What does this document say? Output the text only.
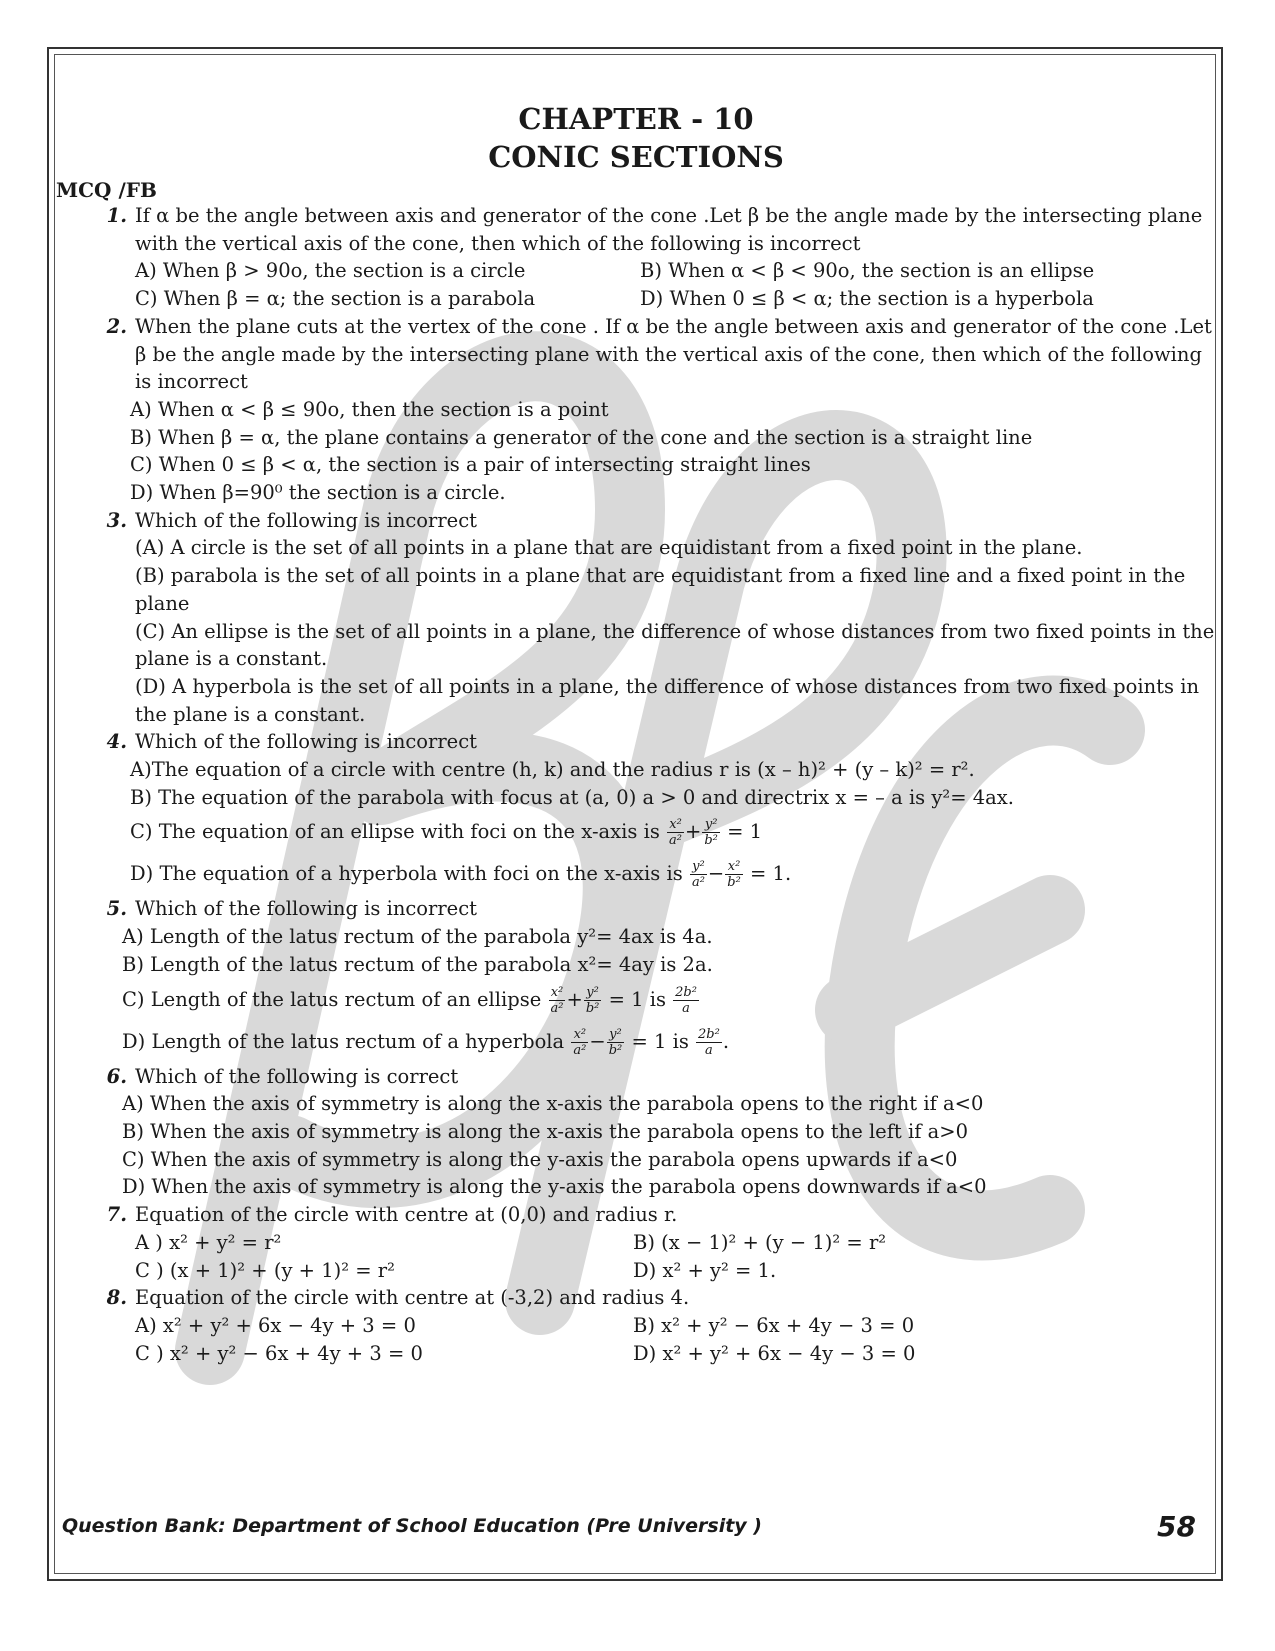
CHAPTER - 10
CONIC SECTIONS
MCQ /FB
1. If α be the angle between axis and generator of the cone .Let β be the angle made by the intersecting plane with the vertical axis of the cone, then which of the following is incorrect
A) When β > 90o, the section is a circle	B) When α < β < 90o, the section is an ellipse
C) When β = α; the section is a parabola	D) When 0 ≤ β < α; the section is a hyperbola
2. When the plane cuts at the vertex of the cone . If α be the angle between axis and generator of the cone .Let β be the angle made by the intersecting plane with the vertical axis of the cone, then which of the following is incorrect
A) When α < β ≤ 90o, then the section is a point
B) When β = α, the plane contains a generator of the cone and the section is a straight line
C) When 0 ≤ β < α, the section is a pair of intersecting straight lines
D) When β=90⁰ the section is a circle.
3. Which of the following is incorrect
(A) A circle is the set of all points in a plane that are equidistant from a fixed point in the plane.
(B) parabola is the set of all points in a plane that are equidistant from a fixed line and a fixed point in the plane
(C) An ellipse is the set of all points in a plane, the difference of whose distances from two fixed points in the plane is a constant.
(D) A hyperbola is the set of all points in a plane, the difference of whose distances from two fixed points in the plane is a constant.
4. Which of the following is incorrect
A)The equation of a circle with centre (h, k) and the radius r is (x – h)² + (y – k)² = r².
B) The equation of the parabola with focus at (a, 0) a > 0 and directrix x = – a is y²= 4ax.
C) The equation of an ellipse with foci on the x-axis is $\frac{\text{x²}}{\text{a²}} + \frac{\text{y²}}{\text{b²}} = 1$
D) The equation of a hyperbola with foci on the x-axis is $\frac{\text{y²}}{\text{a²}} - \frac{\text{x²}}{\text{b²}} = 1$.
5. Which of the following is incorrect
A) Length of the latus rectum of the parabola y²= 4ax is 4a.
B) Length of the latus rectum of the parabola x²= 4ay is 2a.
C) Length of the latus rectum of an ellipse $\frac{\text{x²}}{\text{a²}} + \frac{\text{y²}}{\text{b²}} = 1$ is $\frac{\text{2b²}}{a}$
D) Length of the latus rectum of a hyperbola $\frac{\text{x²}}{\text{a²}} - \frac{\text{y²}}{\text{b²}} = 1$ is $\frac{\text{2b²}}{a}$ .
6. Which of the following is correct
A) When the axis of symmetry is along the x-axis the parabola opens to the right if a<0
B) When the axis of symmetry is along the x-axis the parabola opens to the left if a>0
C) When the axis of symmetry is along the y-axis the parabola opens upwards if a<0
D) When the axis of symmetry is along the y-axis the parabola opens downwards if a<0
7. Equation of the circle with centre at (0,0) and radius r.
A ) x² + y² = r²	B) (x − 1)² + (y − 1)² = r²
C ) (x + 1)² + (y + 1)² = r²	D) x² + y² = 1.
8. Equation of the circle with centre at (-3,2) and radius 4.
A) x² + y² + 6x − 4y + 3 = 0	B) x² + y² − 6x + 4y − 3 = 0
C ) x² + y² − 6x + 4y + 3 = 0	D) x² + y² + 6x − 4y − 3 = 0
Question Bank: Department of School Education (Pre University )	58
